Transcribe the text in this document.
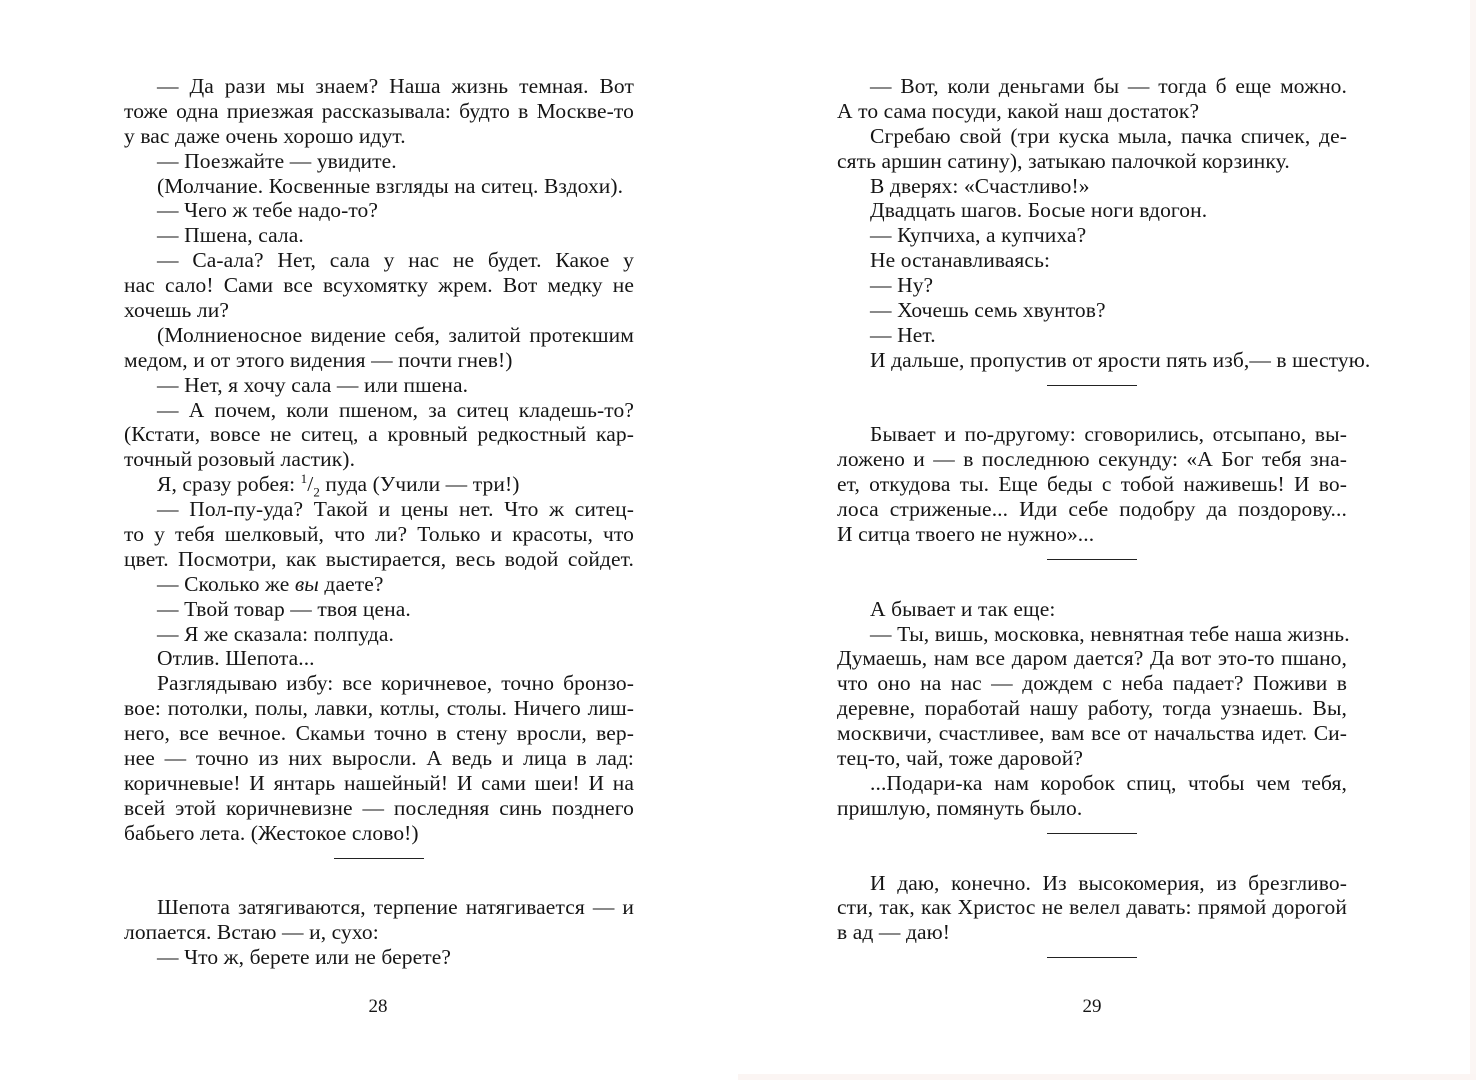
— Да рази мы знаем? Наша жизнь темная. Вот
тоже одна приезжая рассказывала: будто в Москве-то
у вас даже очень хорошо идут.
— Поезжайте — увидите.
(Молчание. Косвенные взгляды на ситец. Вздохи).
— Чего ж тебе надо-то?
— Пшена, сала.
— Са-ала? Нет, сала у нас не будет. Какое у
нас сало! Сами все всухомятку жрем. Вот медку не
хочешь ли?
(Молниеносное видение себя, залитой протекшим
медом, и от этого видения — почти гнев!)
— Нет, я хочу сала — или пшена.
— А почем, коли пшеном, за ситец кладешь-то?
(Кстати, вовсе не ситец, а кровный редкостный кар-
точный розовый ластик).
Я, сразу робея: $^1/_2$ пуда (Учили — три!)
— Пол-пу-уда? Такой и цены нет. Что ж ситец-
то у тебя шелковый, что ли? Только и красоты, что
цвет. Посмотри, как выстирается, весь водой сойдет.
— Сколько же вы даете?
— Твой товар — твоя цена.
— Я же сказала: полпуда.
Отлив. Шепота...
Разглядываю избу: все коричневое, точно бронзо-
вое: потолки, полы, лавки, котлы, столы. Ничего лиш-
него, все вечное. Скамьи точно в стену вросли, вер-
нее — точно из них выросли. А ведь и лица в лад:
коричневые! И янтарь нашейный! И сами шеи! И на
всей этой коричневизне — последняя синь позднего
бабьего лета. (Жестокое слово!)
Шепота затягиваются, терпение натягивается — и
лопается. Встаю — и, сухо:
— Что ж, берете или не берете?
— Вот, коли деньгами бы — тогда б еще можно.
А то сама посуди, какой наш достаток?
Сгребаю свой (три куска мыла, пачка спичек, де-
сять аршин сатину), затыкаю палочкой корзинку.
В дверях: «Счастливо!»
Двадцать шагов. Босые ноги вдогон.
— Купчиха, а купчиха?
Не останавливаясь:
— Ну?
— Хочешь семь хвунтов?
— Нет.
И дальше, пропустив от ярости пять изб,— в шестую.
Бывает и по-другому: сговорились, отсыпано, вы-
ложено и — в последнюю секунду: «А Бог тебя зна-
ет, откудова ты. Еще беды с тобой наживешь! И во-
лоса стриженые... Иди себе подобру да поздорову...
И ситца твоего не нужно»...
А бывает и так еще:
— Ты, вишь, московка, невнятная тебе наша жизнь.
Думаешь, нам все даром дается? Да вот это-то пшано,
что оно на нас — дождем с неба падает? Поживи в
деревне, поработай нашу работу, тогда узнаешь. Вы,
москвичи, счастливее, вам все от начальства идет. Си-
тец-то, чай, тоже даровой?
...Подари-ка нам коробок спиц, чтобы чем тебя,
пришлую, помянуть было.
И даю, конечно. Из высокомерия, из брезгливо-
сти, так, как Христос не велел давать: прямой дорогой
в ад — даю!
28	29
